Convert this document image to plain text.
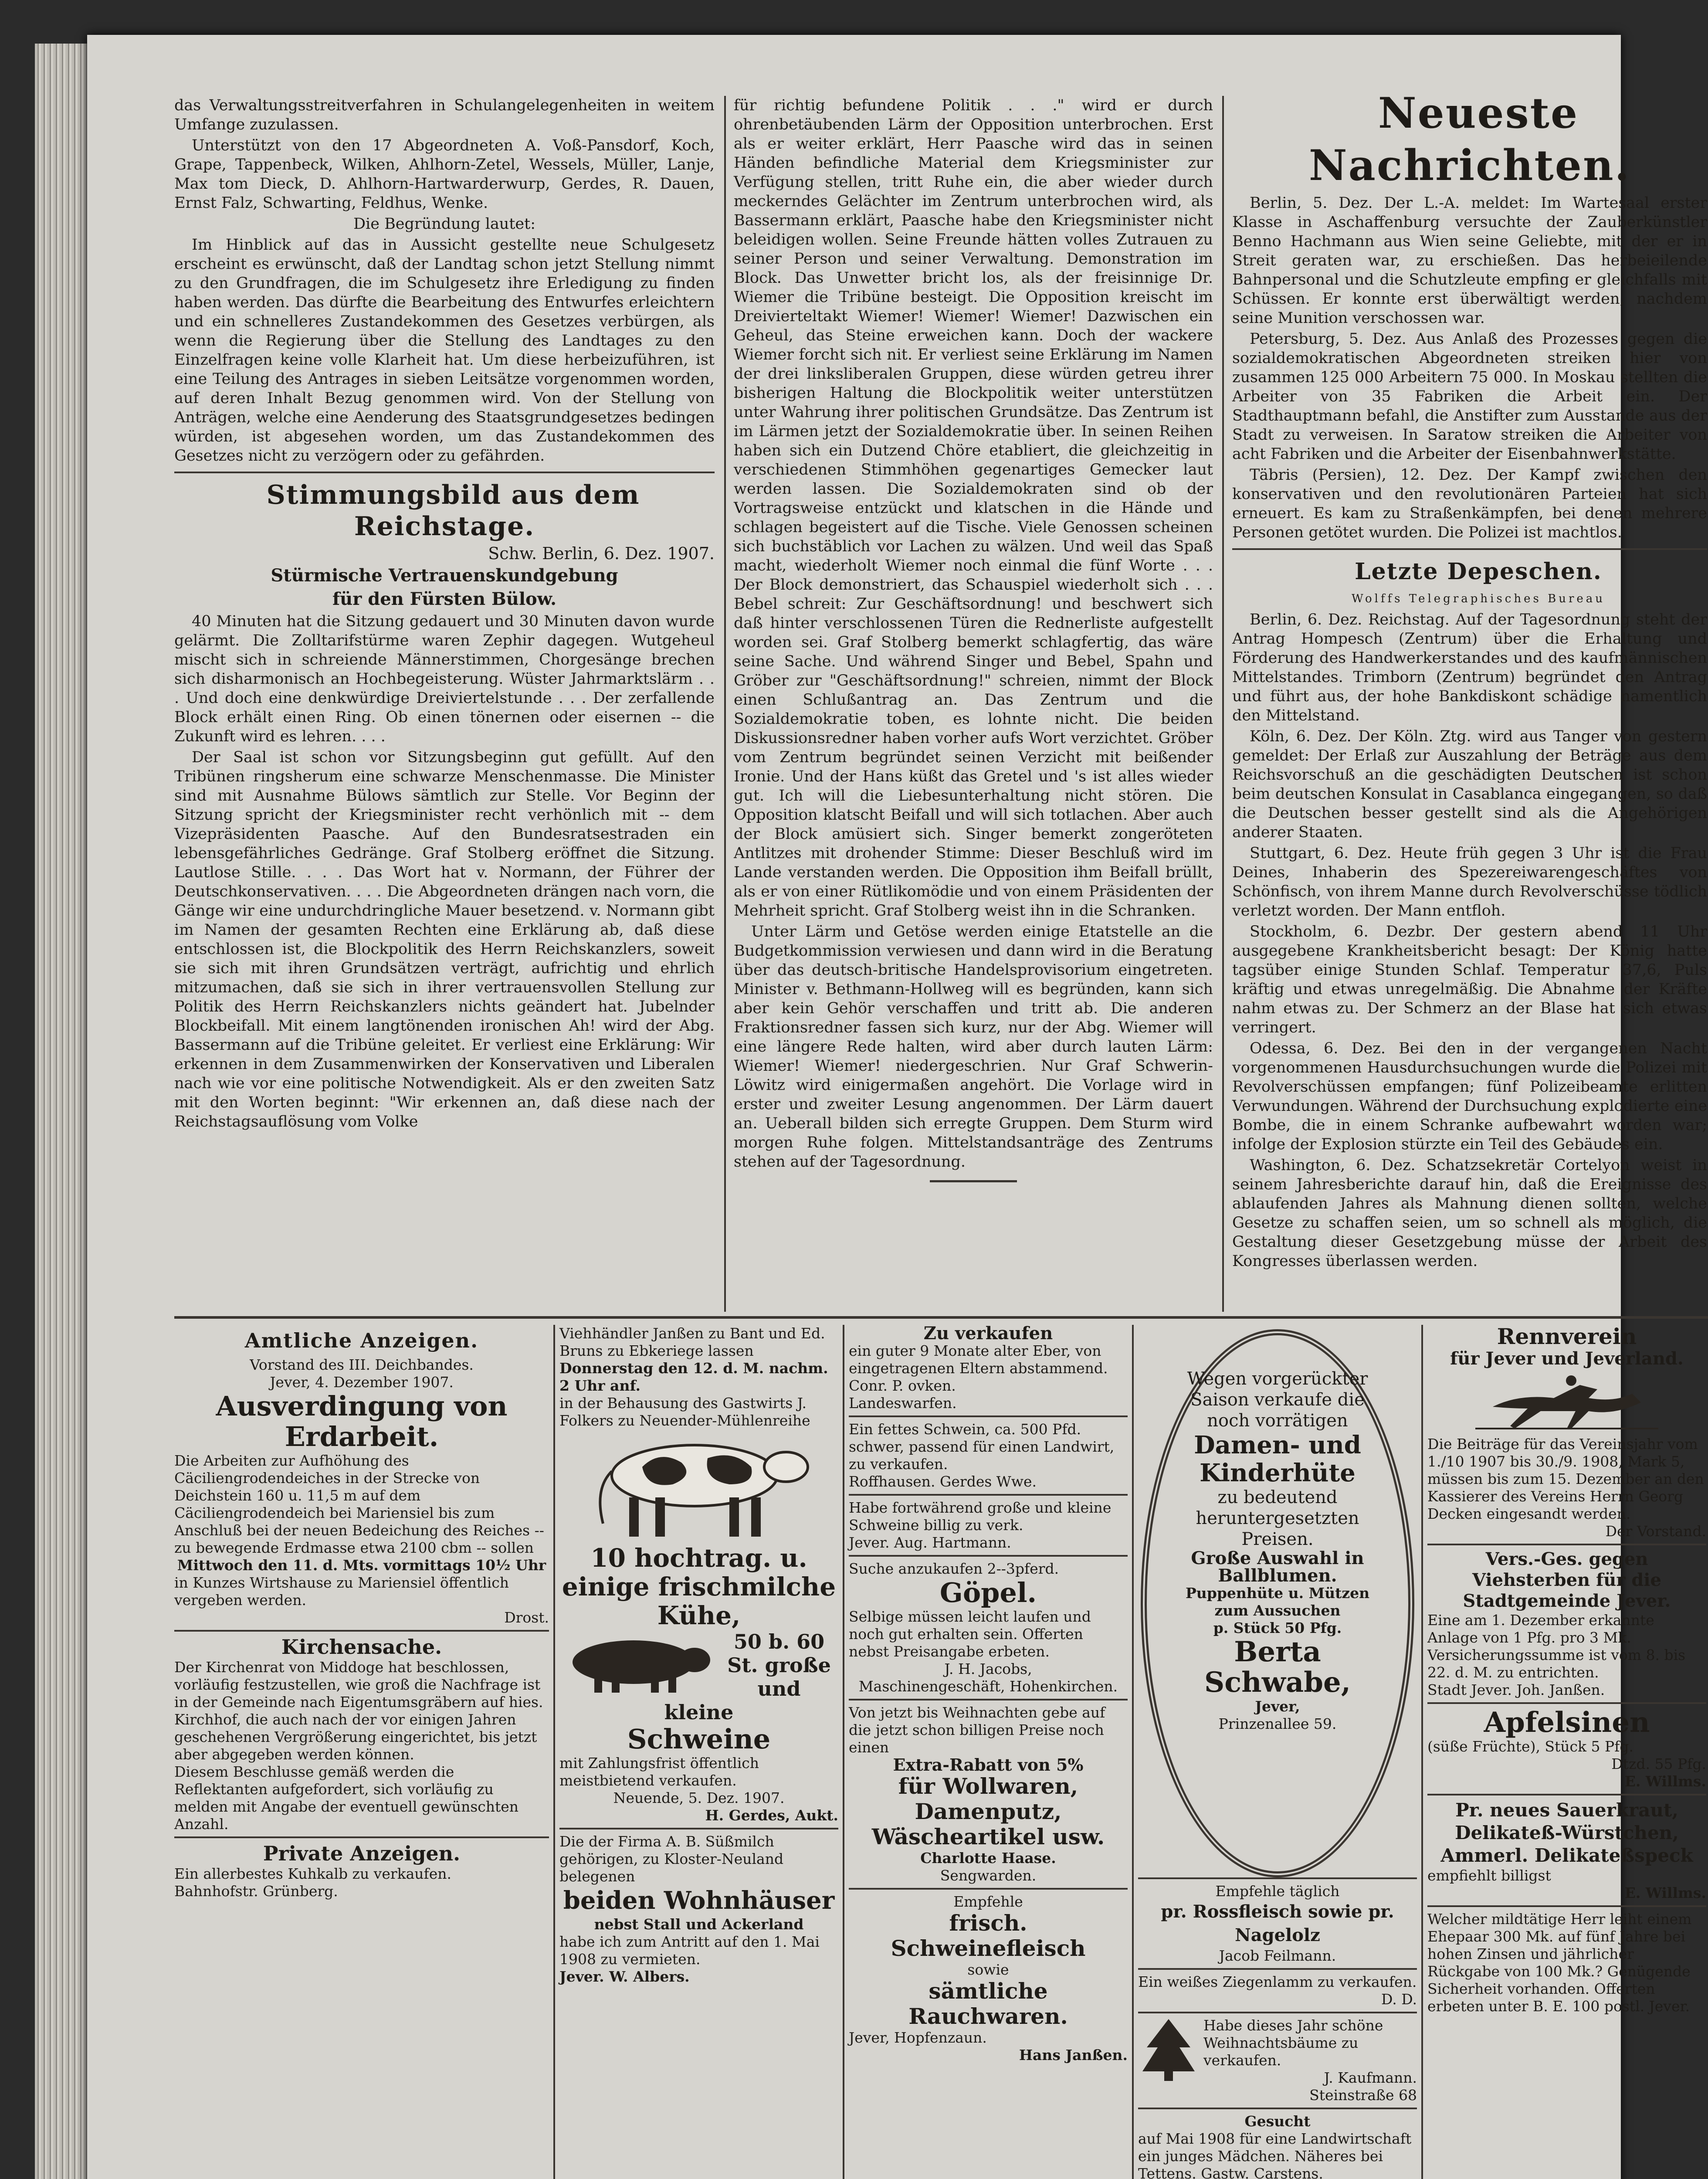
das Verwaltungsstreitverfahren in Schulangelegenheiten in weitem Umfange zuzulassen.

Unterstützt von den 17 Abgeordneten A. Voß-Pansdorf, Koch, Grape, Tappenbeck, Wilken, Ahlhorn-Zetel, Wessels, Müller, Lanje, Max tom Dieck, D. Ahlhorn-Hartwarderwurp, Gerdes, R. Dauen, Ernst Falz, Schwarting, Feldhus, Wenke.

Die Begründung lautet:

Im Hinblick auf das in Aussicht gestellte neue Schulgesetz erscheint es erwünscht, daß der Landtag schon jetzt Stellung nimmt zu den Grundfragen, die im Schulgesetz ihre Erledigung zu finden haben werden. Das dürfte die Bearbeitung des Entwurfes erleichtern und ein schnelleres Zustandekommen des Gesetzes verbürgen, als wenn die Regierung über die Stellung des Landtages zu den Einzelfragen keine volle Klarheit hat. Um diese herbeizuführen, ist eine Teilung des Antrages in sieben Leitsätze vorgenommen worden, auf deren Inhalt Bezug genommen wird. Von der Stellung von Anträgen, welche eine Aenderung des Staatsgrundgesetzes bedingen würden, ist abgesehen worden, um das Zustandekommen des Gesetzes nicht zu verzögern oder zu gefährden.

Stimmungsbild aus dem Reichstage.

Schw. Berlin, 6. Dez. 1907.

Stürmische Vertrauenskundgebung

für den Fürsten Bülow.

40 Minuten hat die Sitzung gedauert und 30 Minuten davon wurde gelärmt. Die Zolltarifstürme waren Zephir dagegen. Wutgeheul mischt sich in schreiende Männerstimmen, Chorgesänge brechen sich disharmonisch an Hochbegeisterung. Wüster Jahrmarktslärm . . . Und doch eine denkwürdige Dreiviertelstunde . . . Der zerfallende Block erhält einen Ring. Ob einen tönernen oder eisernen -- die Zukunft wird es lehren. . . .

Der Saal ist schon vor Sitzungsbeginn gut gefüllt. Auf den Tribünen ringsherum eine schwarze Menschenmasse. Die Minister sind mit Ausnahme Bülows sämtlich zur Stelle. Vor Beginn der Sitzung spricht der Kriegsminister recht verhönlich mit -- dem Vizepräsidenten Paasche. Auf den Bundesratsestraden ein lebensgefährliches Gedränge. Graf Stolberg eröffnet die Sitzung. Lautlose Stille. . . . Das Wort hat v. Normann, der Führer der Deutschkonservativen. . . . Die Abgeordneten drängen nach vorn, die Gänge wir eine undurchdringliche Mauer besetzend. v. Normann gibt im Namen der gesamten Rechten eine Erklärung ab, daß diese entschlossen ist, die Blockpolitik des Herrn Reichskanzlers, soweit sie sich mit ihren Grundsätzen verträgt, aufrichtig und ehrlich mitzumachen, daß sie sich in ihrer vertrauensvollen Stellung zur Politik des Herrn Reichskanzlers nichts geändert hat. Jubelnder Blockbeifall. Mit einem langtönenden ironischen Ah! wird der Abg. Bassermann auf die Tribüne geleitet. Er verliest eine Erklärung: Wir erkennen in dem Zusammenwirken der Konservativen und Liberalen nach wie vor eine politische Notwendigkeit. Als er den zweiten Satz mit den Worten beginnt: "Wir erkennen an, daß diese nach der Reichstagsauflösung vom Volke

für richtig befundene Politik . . ." wird er durch ohrenbetäubenden Lärm der Opposition unterbrochen. Erst als er weiter erklärt, Herr Paasche wird das in seinen Händen befindliche Material dem Kriegsminister zur Verfügung stellen, tritt Ruhe ein, die aber wieder durch meckerndes Gelächter im Zentrum unterbrochen wird, als Bassermann erklärt, Paasche habe den Kriegsminister nicht beleidigen wollen. Seine Freunde hätten volles Zutrauen zu seiner Person und seiner Verwaltung. Demonstration im Block. Das Unwetter bricht los, als der freisinnige Dr. Wiemer die Tribüne besteigt. Die Opposition kreischt im Dreivierteltakt Wiemer! Wiemer! Wiemer! Dazwischen ein Geheul, das Steine erweichen kann. Doch der wackere Wiemer forcht sich nit. Er verliest seine Erklärung im Namen der drei linksliberalen Gruppen, diese würden getreu ihrer bisherigen Haltung die Blockpolitik weiter unterstützen unter Wahrung ihrer politischen Grundsätze. Das Zentrum ist im Lärmen jetzt der Sozialdemokratie über. In seinen Reihen haben sich ein Dutzend Chöre etabliert, die gleichzeitig in verschiedenen Stimmhöhen gegenartiges Gemecker laut werden lassen. Die Sozialdemokraten sind ob der Vortragsweise entzückt und klatschen in die Hände und schlagen begeistert auf die Tische. Viele Genossen scheinen sich buchstäblich vor Lachen zu wälzen. Und weil das Spaß macht, wiederholt Wiemer noch einmal die fünf Worte . . . Der Block demonstriert, das Schauspiel wiederholt sich . . . Bebel schreit: Zur Geschäftsordnung! und beschwert sich daß hinter verschlossenen Türen die Rednerliste aufgestellt worden sei. Graf Stolberg bemerkt schlagfertig, das wäre seine Sache. Und während Singer und Bebel, Spahn und Gröber zur "Geschäftsordnung!" schreien, nimmt der Block einen Schlußantrag an. Das Zentrum und die Sozialdemokratie toben, es lohnte nicht. Die beiden Diskussionsredner haben vorher aufs Wort verzichtet. Gröber vom Zentrum begründet seinen Verzicht mit beißender Ironie. Und der Hans küßt das Gretel und 's ist alles wieder gut. Ich will die Liebesunterhaltung nicht stören. Die Opposition klatscht Beifall und will sich totlachen. Aber auch der Block amüsiert sich. Singer bemerkt zongeröteten Antlitzes mit drohender Stimme: Dieser Beschluß wird im Lande verstanden werden. Die Opposition ihm Beifall brüllt, als er von einer Rütlikomödie und von einem Präsidenten der Mehrheit spricht. Graf Stolberg weist ihn in die Schranken.

Unter Lärm und Getöse werden einige Etatstelle an die Budgetkommission verwiesen und dann wird in die Beratung über das deutsch-britische Handelsprovisorium eingetreten. Minister v. Bethmann-Hollweg will es begründen, kann sich aber kein Gehör verschaffen und tritt ab. Die anderen Fraktionsredner fassen sich kurz, nur der Abg. Wiemer will eine längere Rede halten, wird aber durch lauten Lärm: Wiemer! Wiemer! niedergeschrien. Nur Graf Schwerin-Löwitz wird einigermaßen angehört. Die Vorlage wird in erster und zweiter Lesung angenommen. Der Lärm dauert an. Ueberall bilden sich erregte Gruppen. Dem Sturm wird morgen Ruhe folgen. Mittelstandsanträge des Zentrums stehen auf der Tagesordnung.

Neueste Nachrichten.

Berlin, 5. Dez. Der L.-A. meldet: Im Wartesaal erster Klasse in Aschaffenburg versuchte der Zauberkünstler Benno Hachmann aus Wien seine Geliebte, mit der er in Streit geraten war, zu erschießen. Das herbeieilende Bahnpersonal und die Schutzleute empfing er gleichfalls mit Schüssen. Er konnte erst überwältigt werden, nachdem seine Munition verschossen war.

Petersburg, 5. Dez. Aus Anlaß des Prozesses gegen die sozialdemokratischen Abgeordneten streiken hier von zusammen 125 000 Arbeitern 75 000. In Moskau stellten die Arbeiter von 35 Fabriken die Arbeit ein. Der Stadthauptmann befahl, die Anstifter zum Ausstande aus der Stadt zu verweisen. In Saratow streiken die Arbeiter von acht Fabriken und die Arbeiter der Eisenbahnwerkstätte.

Täbris (Persien), 12. Dez. Der Kampf zwischen den konservativen und den revolutionären Parteien hat sich erneuert. Es kam zu Straßenkämpfen, bei denen mehrere Personen getötet wurden. Die Polizei ist machtlos.

Letzte Depeschen.

Wolffs Telegraphisches Bureau

Berlin, 6. Dez. Reichstag. Auf der Tagesordnung steht der Antrag Hompesch (Zentrum) über die Erhaltung und Förderung des Handwerkerstandes und des kaufmännischen Mittelstandes. Trimborn (Zentrum) begründet den Antrag und führt aus, der hohe Bankdiskont schädige namentlich den Mittelstand.

Köln, 6. Dez. Der Köln. Ztg. wird aus Tanger von gestern gemeldet: Der Erlaß zur Auszahlung der Beträge aus dem Reichsvorschuß an die geschädigten Deutschen ist schon beim deutschen Konsulat in Casablanca eingegangen, so daß die Deutschen besser gestellt sind als die Angehörigen anderer Staaten.

Stuttgart, 6. Dez. Heute früh gegen 3 Uhr ist die Frau Deines, Inhaberin des Spezereiwarengeschäftes von Schönfisch, von ihrem Manne durch Revolverschüsse tödlich verletzt worden. Der Mann entfloh.

Stockholm, 6. Dezbr. Der gestern abend 11 Uhr ausgegebene Krankheitsbericht besagt: Der König hatte tagsüber einige Stunden Schlaf. Temperatur 37,6, Puls kräftig und etwas unregelmäßig. Die Abnahme der Kräfte nahm etwas zu. Der Schmerz an der Blase hat sich etwas verringert.

Odessa, 6. Dez. Bei den in der vergangenen Nacht vorgenommenen Hausdurchsuchungen wurde die Polizei mit Revolverschüssen empfangen; fünf Polizeibeamte erlitten Verwundungen. Während der Durchsuchung explodierte eine Bombe, die in einem Schranke aufbewahrt worden war; infolge der Explosion stürzte ein Teil des Gebäudes ein.

Washington, 6. Dez. Schatzsekretär Cortelyon weist in seinem Jahresberichte darauf hin, daß die Ereignisse des ablaufenden Jahres als Mahnung dienen sollten, welche Gesetze zu schaffen seien, um so schnell als möglich, die Gestaltung dieser Gesetzgebung müsse der Arbeit des Kongresses überlassen werden.

Amtliche Anzeigen.

Vorstand des III. Deichbandes.

Jever, 4. Dezember 1907.

Ausverdingung von Erdarbeit.

Die Arbeiten zur Aufhöhung des Cäciliengrodendeiches in der Strecke von Deichstein 160 u. 11,5 m auf dem Cäciliengrodendeich bei Mariensiel bis zum Anschluß bei der neuen Bedeichung des Reiches -- zu bewegende Erdmasse etwa 2100 cbm -- sollen

Mittwoch den 11. d. Mts. vormittags 10½ Uhr

in Kunzes Wirtshause zu Mariensiel öffentlich vergeben werden.

Drost.

Kirchensache.

Der Kirchenrat von Middoge hat beschlossen, vorläufig festzustellen, wie groß die Nachfrage ist in der Gemeinde nach Eigentumsgräbern auf hies. Kirchhof, die auch nach der vor einigen Jahren geschehenen Vergrößerung eingerichtet, bis jetzt aber abgegeben werden können.

Diesem Beschlusse gemäß werden die Reflektanten aufgefordert, sich vorläufig zu melden mit Angabe der eventuell gewünschten Anzahl.

Private Anzeigen.

Ein allerbestes Kuhkalb zu verkaufen.

Bahnhofstr. Grünberg.

Viehhändler Janßen zu Bant und Ed. Bruns zu Ebkeriege lassen

Donnerstag den 12. d. M. nachm. 2 Uhr anf.

in der Behausung des Gastwirts J. Folkers zu Neuender-Mühlenreihe

10 hochtrag. u. einige frischmilche Kühe,

50 b. 60 St. große und kleine

Schweine

mit Zahlungsfrist öffentlich meistbietend verkaufen.

Neuende, 5. Dez. 1907.

H. Gerdes, Aukt.

Die der Firma A. B. Süßmilch gehörigen, zu Kloster-Neuland belegenen

beiden Wohnhäuser

nebst Stall und Ackerland

habe ich zum Antritt auf den 1. Mai 1908 zu vermieten.

Jever. W. Albers.

Zu verkaufen

ein guter 9 Monate alter Eber, von eingetragenen Eltern abstammend. Conr. P. ovken.

Landeswarfen.

Ein fettes Schwein, ca. 500 Pfd. schwer, passend für einen Landwirt, zu verkaufen.

Roffhausen. Gerdes Wwe.

Habe fortwährend große und kleine Schweine billig zu verk.

Jever. Aug. Hartmann.

Suche anzukaufen 2--3pferd.

Göpel.

Selbige müssen leicht laufen und noch gut erhalten sein. Offerten nebst Preisangabe erbeten.

J. H. Jacobs,

Maschinengeschäft, Hohenkirchen.

Von jetzt bis Weihnachten gebe auf die jetzt schon billigen Preise noch einen

Extra-Rabatt von 5%

für Wollwaren, Damenputz, Wäscheartikel usw.

Charlotte Haase.

Sengwarden.

Empfehle

frisch. Schweinefleisch

sowie

sämtliche Rauchwaren.

Jever, Hopfenzaun.

Hans Janßen.

Wegen vorgerückter Saison verkaufe die noch vorrätigen

Damen- und Kinderhüte

zu bedeutend heruntergesetzten Preisen.

Große Auswahl in Ballblumen.

Puppenhüte u. Mützen zum Aussuchen

p. Stück 50 Pfg.

Berta Schwabe,

Jever,

Prinzenallee 59.

Empfehle täglich

pr. Rossfleisch sowie pr. Nagelolz

Jacob Feilmann.

Ein weißes Ziegenlamm zu verkaufen.

D. D.

Habe dieses Jahr schöne Weihnachtsbäume zu verkaufen.

J. Kaufmann.

Steinstraße 68

Gesucht

auf Mai 1908 für eine Landwirtschaft ein junges Mädchen. Näheres bei

Tettens. Gastw. Carstens.

Rennverein

für Jever und Jeverland.

Die Beiträge für das Vereinsjahr vom 1./10 1907 bis 30./9. 1908, Mark 5, müssen bis zum 15. Dezember an den Kassierer des Vereins Herrn Georg Decken eingesandt werden.

Der Vorstand.

Vers.-Ges. gegen Viehsterben für die Stadtgemeinde Jever.

Eine am 1. Dezember erkannte Anlage von 1 Pfg. pro 3 Mk. Versicherungssumme ist vom 8. bis 22. d. M. zu entrichten.

Stadt Jever. Joh. Janßen.

Apfelsinen

(süße Früchte), Stück 5 Pfg.

Dtzd. 55 Pfg.

E. Willms.

Pr. neues Sauerkraut, Delikateß-Würstchen, Ammerl. Delikateßspeck

empfiehlt billigst

E. Willms.

Welcher mildtätige Herr leiht einem Ehepaar 300 Mk. auf fünf Jahre bei hohen Zinsen und jährlicher Rückgabe von 100 Mk.? Genügende Sicherheit vorhanden. Offerten erbeten unter B. E. 100 postl. Jever.
